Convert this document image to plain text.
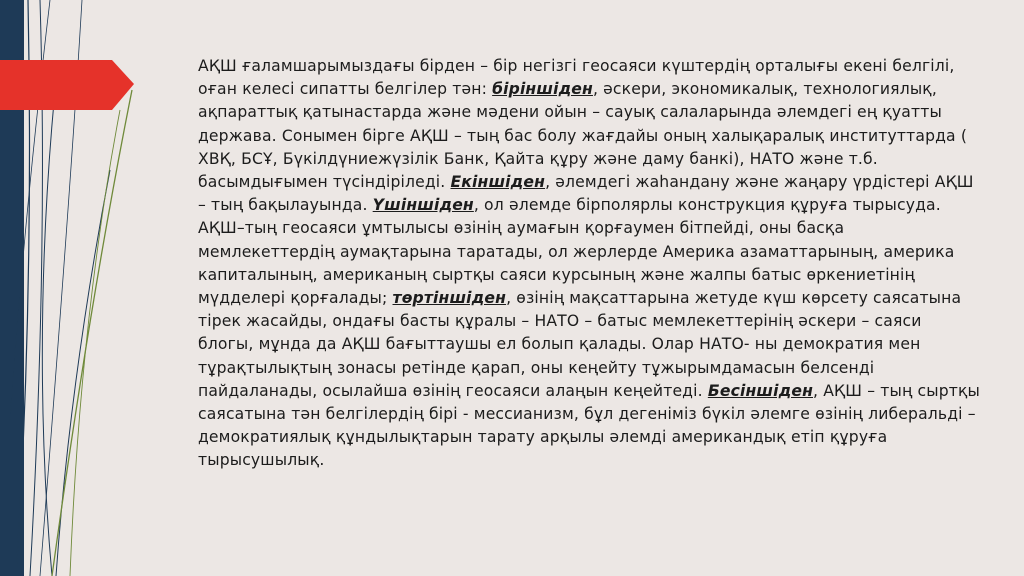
АҚШ ғаламшарымыздағы бірден – бір негізгі геосаяси күштердің орталығы екені белгілі, оған келесі сипатты белгілер тән: біріншіден, әскери, экономикалық, технологиялық, ақпараттық қатынастарда және мәдени ойын – сауық салаларында әлемдегі ең қуатты держава. Сонымен бірге АҚШ – тың бас болу жағдайы оның халықаралық институттарда ( ХВҚ, БСҰ, Бүкілдүниежүзілік Банк, Қайта құру және даму банкі), НАТО және т.б. басымдығымен түсіндіріледі. Екіншіден, әлемдегі жаһандану және жаңару үрдістері АҚШ – тың бақылауында. Үшіншіден, ол әлемде бірполярлы конструкция құруға тырысуда. АҚШ–тың геосаяси ұмтылысы өзінің аумағын қорғаумен бітпейді, оны басқа мемлекеттердің аумақтарына таратады, ол жерлерде Америка азаматтарының, америка капиталының, американың сыртқы саяси курсының және жалпы батыс өркениетінің мүдделері қорғалады; төртіншіден, өзінің мақсаттарына жетуде күш көрсету саясатына тірек жасайды, ондағы басты құралы – НАТО – батыс мемлекеттерінің әскери – саяси блогы, мұнда да АҚШ бағыттаушы ел болып қалады. Олар НАТО- ны демократия мен тұрақтылықтың зонасы ретінде қарап, оны кеңейту тұжырымдамасын белсенді пайдаланады, осылайша өзінің геосаяси алаңын кеңейтеді. Бесіншіден, АҚШ – тың сыртқы саясатына тән белгілердің бірі - мессианизм, бұл дегеніміз бүкіл әлемге өзінің либеральді – демократиялық құндылықтарын тарату арқылы әлемді американдық етіп құруға тырысушылық.
